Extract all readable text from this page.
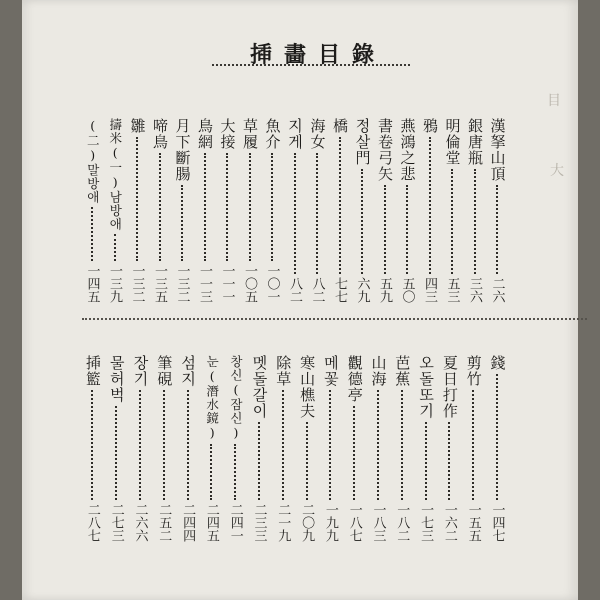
目
大
揷畵目錄
漢拏山頂
二六
銀唐瓶
三六
明倫堂
五三
鴉
四三
燕鴻之悲
五〇
書卷弓矢
五九
정살門
六九
橋
七七
海女
八二
지게
八二
魚介
一〇一
草履
一〇五
大接
一一一
鳥網
一一三
月下斷腸
一三二
啼鳥
一三五
雛
一三二
擣米(一)남방애
一三九
(二)말방애
一四五
錢
一四七
剪竹
一五五
夏日打作
一六二
오돌또기
一七三
芭蕉
一八二
山海
一八三
觀德亭
一八七
메꽃
一九九
寒山樵夫
二〇九
除草
二一九
멧돌갈이
二三三
창신(잠신)
二四一
눈(潛水鏡)
二四五
섬지
二四四
筆硯
二五二
장기
二六六
물허벅
二七三
揷籃
二八七
